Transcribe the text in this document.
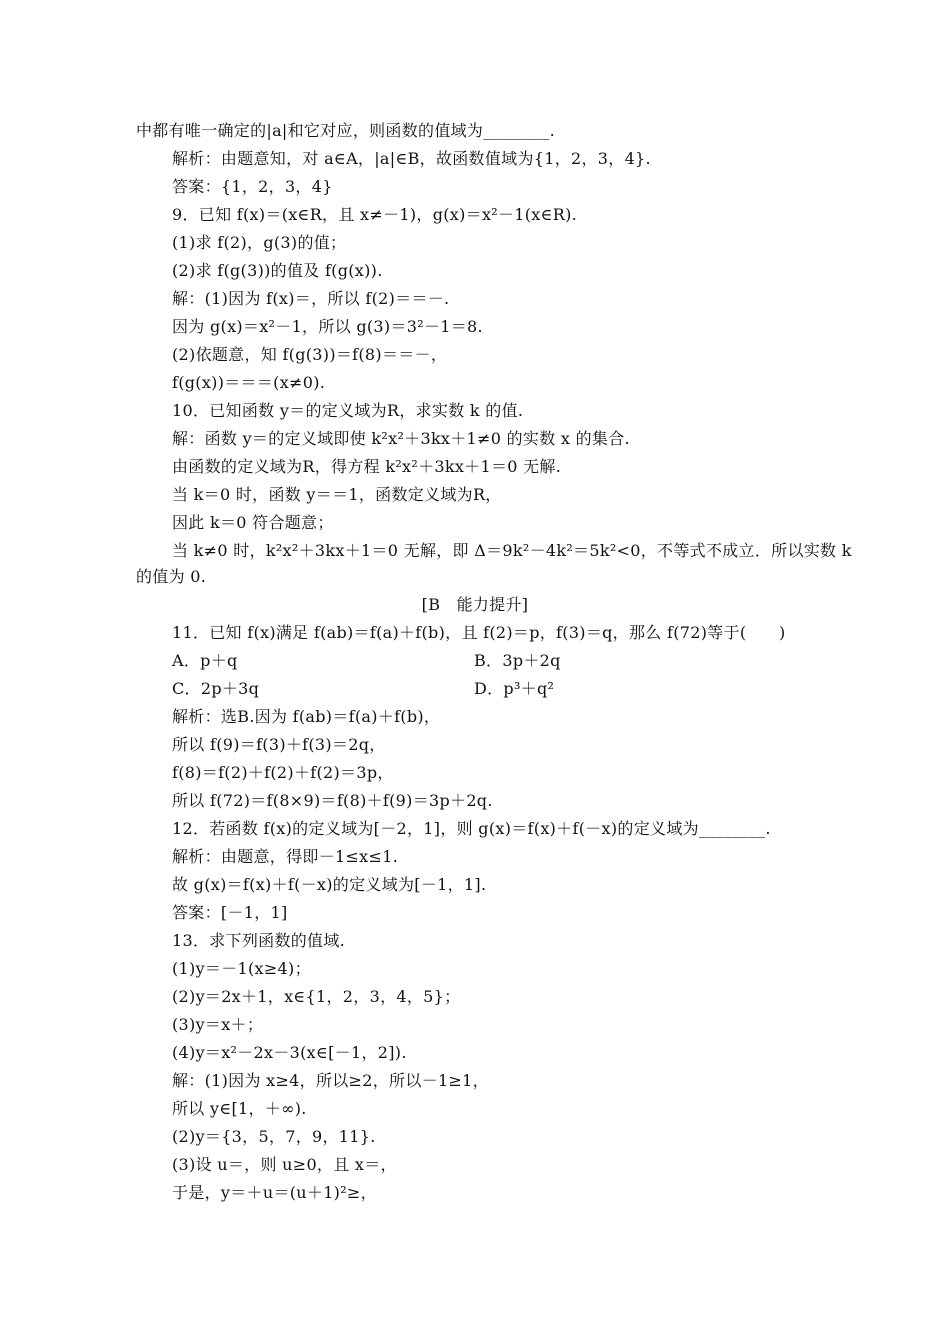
中都有唯一确定的|a|和它对应，则函数的值域为________.
解析：由题意知，对 a∈A，|a|∈B，故函数值域为{1，2，3，4}.
答案：{1，2，3，4}
9．已知 f(x)＝(x∈R，且 x≠－1)，g(x)＝x²－1(x∈R).
(1)求 f(2)，g(3)的值；
(2)求 f(g(3))的值及 f(g(x)).
解：(1)因为 f(x)＝，所以 f(2)＝＝－.
因为 g(x)＝x²－1，所以 g(3)＝3²－1＝8.
(2)依题意，知 f(g(3))＝f(8)＝＝－，
f(g(x))＝＝＝(x≠0).
10．已知函数 y＝的定义域为R，求实数 k 的值.
解：函数 y＝的定义域即使 k²x²＋3kx＋1≠0 的实数 x 的集合.
由函数的定义域为R，得方程 k²x²＋3kx＋1＝0 无解.
当 k＝0 时，函数 y＝＝1，函数定义域为R，
因此 k＝0 符合题意；
当 k≠0 时，k²x²＋3kx＋1＝0 无解，即 Δ＝9k²－4k²＝5k²<0，不等式不成立．所以实数 k
的值为 0.
[B　能力提升]
11．已知 f(x)满足 f(ab)＝f(a)＋f(b)，且 f(2)＝p，f(3)＝q，那么 f(72)等于(　　)
A．p＋q	B．3p＋2q
C．2p＋3q	D．p³＋q²
解析：选B.因为 f(ab)＝f(a)＋f(b)，
所以 f(9)＝f(3)＋f(3)＝2q，
f(8)＝f(2)＋f(2)＋f(2)＝3p，
所以 f(72)＝f(8×9)＝f(8)＋f(9)＝3p＋2q.
12．若函数 f(x)的定义域为[－2，1]，则 g(x)＝f(x)＋f(－x)的定义域为________.
解析：由题意，得即－1≤x≤1.
故 g(x)＝f(x)＋f(－x)的定义域为[－1，1].
答案：[－1，1]
13．求下列函数的值域.
(1)y＝－1(x≥4)；
(2)y＝2x＋1，x∈{1，2，3，4，5}；
(3)y＝x＋；
(4)y＝x²－2x－3(x∈[－1，2]).
解：(1)因为 x≥4，所以≥2，所以－1≥1，
所以 y∈[1，＋∞).
(2)y＝{3，5，7，9，11}.
(3)设 u＝，则 u≥0，且 x＝，
于是，y＝＋u＝(u＋1)²≥，
